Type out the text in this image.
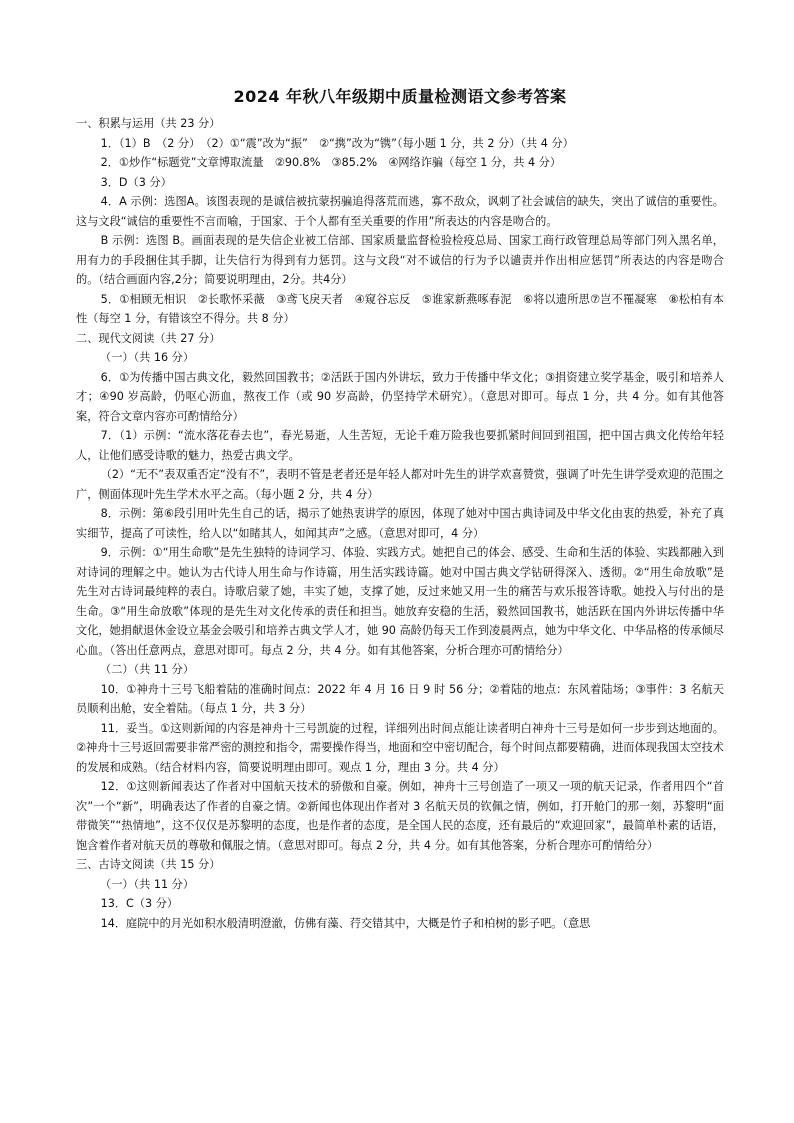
2024 年秋八年级期中质量检测语文参考答案

一、积累与运用（共 23 分）

1．（1）B　（2 分）　（2）①“震”改为“振”　②“携”改为“镌”（每小题 1 分，共 2 分）（共 4 分）

2．①炒作“标题党”文章博取流量　②90.8%　③85.2%　④网络诈骗（每空 1 分，共 4 分）

3．D（3 分）

4．A 示例：选图A。该图表现的是诚信被抗蒙拐骗追得落荒而逃，寡不敌众，讽刺了社会诚信的缺失，突出了诚信的重要性。这与文段“诚信的重要性不言而喻，于国家、于个人都有至关重要的作用”所表达的内容是吻合的。

B 示例：选图 B。画面表现的是失信企业被工信部、国家质量监督检验检疫总局、国家工商行政管理总局等部门列入黑名单，用有力的手段捆住其手脚，让失信行为得到有力惩罚。这与文段“对不诚信的行为予以谴责并作出相应惩罚”所表达的内容是吻合的。（结合画面内容,2分；简要说明理由，2分。共4分）

5．①相顾无相识　②长歌怀采薇　③鸢飞戾天者　④窥谷忘反　⑤谁家新燕啄春泥　⑥将以遗所思⑦岂不罹凝寒　⑧松柏有本性（每空 1 分，有错该空不得分。共 8 分）

二、现代文阅读（共 27 分）

（一）（共 16 分）

6．①为传播中国古典文化，毅然回国教书；②活跃于国内外讲坛，致力于传播中华文化；③捐资建立奖学基金，吸引和培养人才；④90 岁高龄，仍呕心沥血，熬夜工作（或 90 岁高龄，仍坚持学术研究）。（意思对即可。每点 1 分，共 4 分。如有其他答案，符合文章内容亦可酌情给分）

7．（1）示例：“流水落花春去也”，春光易逝，人生苦短，无论千难万险我也要抓紧时间回到祖国，把中国古典文化传给年轻人，让他们感受诗歌的魅力，热爱古典文学。

（2）“无不”表双重否定“没有不”，表明不管是老者还是年轻人都对叶先生的讲学欢喜赞赏，强调了叶先生讲学受欢迎的范围之广，侧面体现叶先生学术水平之高。（每小题 2 分，共 4 分）

8．示例：第⑥段引用叶先生自己的话，揭示了她热衷讲学的原因，体现了她对中国古典诗词及中华文化由衷的热爱，补充了真实细节，提高了可读性，给人以“如睹其人，如闻其声”之感。（意思对即可，4 分）

9．示例：①“用生命歌”是先生独特的诗词学习、体验、实践方式。她把自己的体会、感受、生命和生活的体验、实践都融入到对诗词的理解之中。她认为古代诗人用生命与作诗篇，用生活实践诗篇。她对中国古典文学钻研得深入、透彻。②“用生命放歌”是先生对古诗词最纯粹的表白。诗歌启蒙了她，丰实了她，支撑了她，反过来她又用一生的痛苦与欢乐报答诗歌。她投入与付出的是生命。③“用生命放歌”体现的是先生对文化传承的责任和担当。她放弃安稳的生活，毅然回国教书，她活跃在国内外讲坛传播中华文化，她捐献退休金设立基金会吸引和培养古典文学人才，她 90 高龄仍每天工作到凌晨两点，她为中华文化、中华品格的传承倾尽心血。（答出任意两点，意思对即可。每点 2 分，共 4 分。如有其他答案，分析合理亦可酌情给分）

（二）（共 11 分）

10．①神舟十三号飞船着陆的准确时间点：2022 年 4 月 16 日 9 时 56 分；②着陆的地点：东风着陆场；③事件：3 名航天员顺利出舱，安全着陆。（每点 1 分，共 3 分）

11．妥当。①这则新闻的内容是神舟十三号凯旋的过程，详细列出时间点能让读者明白神舟十三号是如何一步步到达地面的。②神舟十三号返回需要非常严密的测控和指令，需要操作得当，地面和空中密切配合，每个时间点都要精确，进而体现我国太空技术的发展和成熟。（结合材料内容，简要说明理由即可。观点 1 分，理由 3 分。共 4 分）

12．①这则新闻表达了作者对中国航天技术的骄傲和自豪。例如，神舟十三号创造了一项又一项的航天记录，作者用四个“首次”一个“新”，明确表达了作者的自豪之情。②新闻也体现出作者对 3 名航天员的钦佩之情，例如，打开舱门的那一刻，苏黎明“面带微笑”“热情地”，这不仅仅是苏黎明的态度，也是作者的态度，是全国人民的态度，还有最后的“欢迎回家”，最简单朴素的话语，饱含着作者对航天员的尊敬和佩服之情。（意思对即可。每点 2 分，共 4 分。如有其他答案，分析合理亦可酌情给分）

三、古诗文阅读（共 15 分）

（一）（共 11 分）

13．C（3 分）

14．庭院中的月光如积水般清明澄澈，仿佛有藻、荇交错其中，大概是竹子和柏树的影子吧。（意思
